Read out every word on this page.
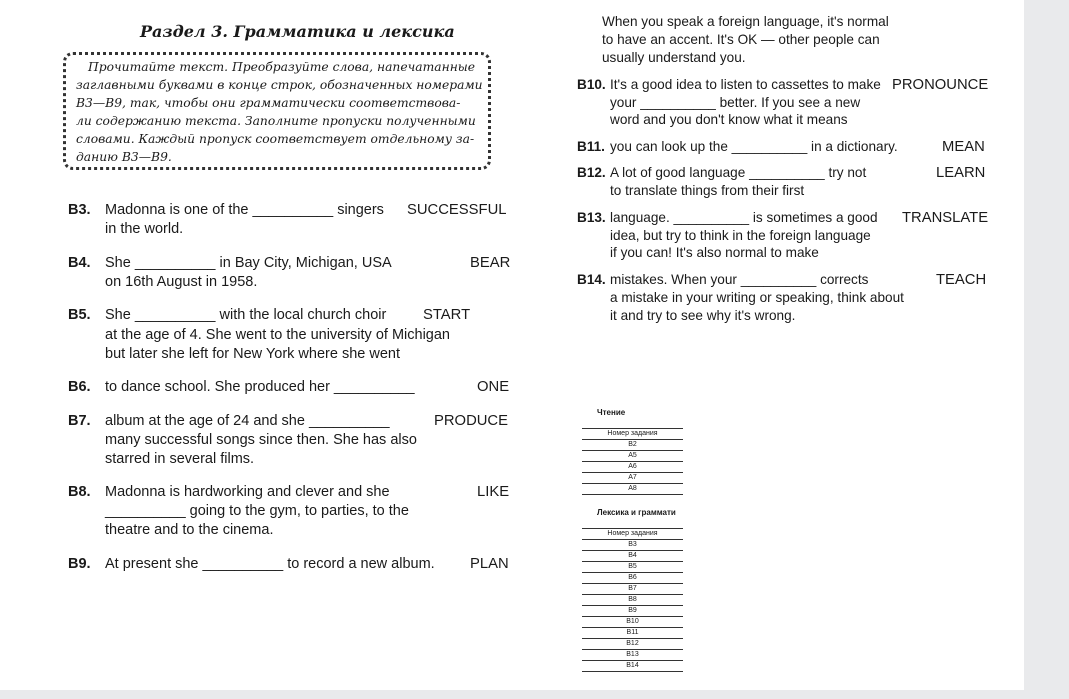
Раздел 3. Грамматика и лексика
Прочитайте текст. Преобразуйте слова, напечатанные
заглавными буквами в конце строк, обозначенных номерами
B3—B9, так, чтобы они грамматически соответствова-
ли содержанию текста. Заполните пропуски полученными
словами. Каждый пропуск соответствует отдельному за-
данию B3—B9.
B3. Madonna is one of the __________ singers
in the world.
SUCCESSFUL
B4. She __________ in Bay City, Michigan, USA
on 16th August in 1958.
BEAR
B5. She __________ with the local church choir
at the age of 4. She went to the university of Michigan
but later she left for New York where she went
START
B6. to dance school. She produced her __________	ONE
B7. album at the age of 24 and she __________
many successful songs since then. She has also
starred in several films.
PRODUCE
B8. Madonna is hardworking and clever and she
__________ going to the gym, to parties, to the
theatre and to the cinema.
LIKE
B9. At present she __________ to record a new album. PLAN
When you speak a foreign language, it's normal
to have an accent. It's OK — other people can
usually understand you.
B10. It's a good idea to listen to cassettes to make
your __________ better. If you see a new
word and you don't know what it means
PRONOUNCE
B11. you can look up the __________ in a dictionary.	MEAN
B12. A lot of good language __________ try not
to translate things from their first
LEARN
B13. language. __________ is sometimes a good
idea, but try to think in the foreign language
if you can! It's also normal to make
TRANSLATE
B14. mistakes. When your __________ corrects
a mistake in your writing or speaking, think about
it and try to see why it's wrong.
TEACH
Чтение
Номер задания
B2
A5
A6
A7
A8
Лексика и граммати
Номер задания
B3
B4
B5
B6
B7
B8
B9
B10
B11
B12
B13
B14
